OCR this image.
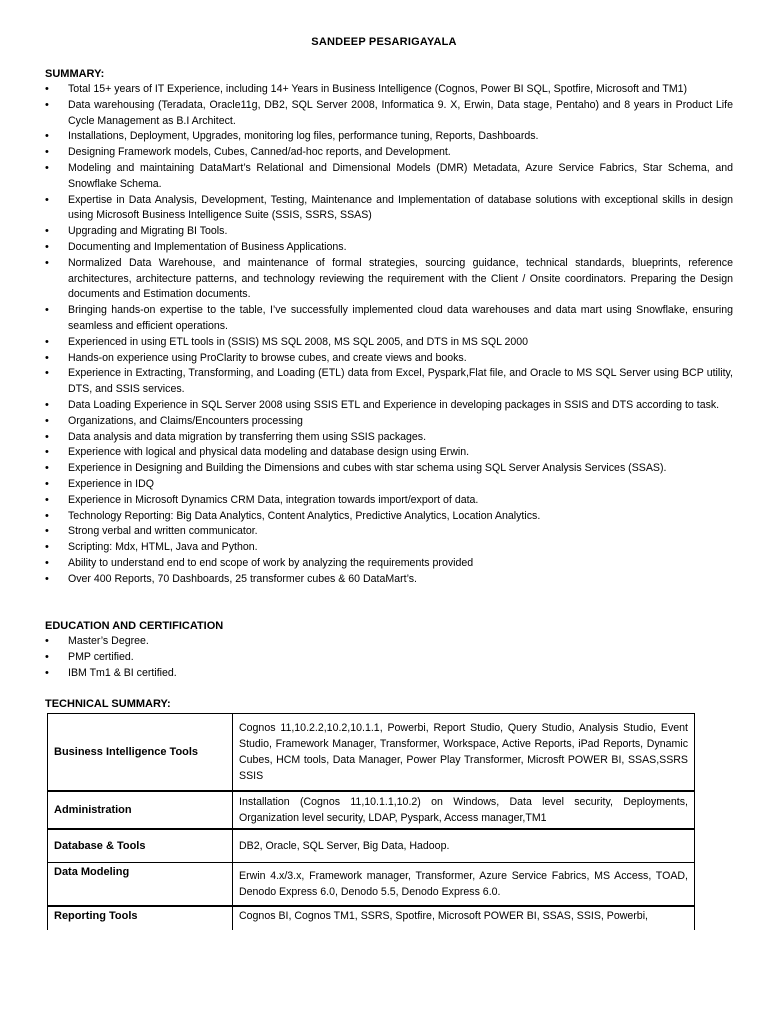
SANDEEP PESARIGAYALA
SUMMARY:
• Total 15+ years of IT Experience, including 14+ Years in Business Intelligence (Cognos, Power BI SQL, Spotfire, Microsoft and TM1)
• Data warehousing (Teradata, Oracle11g, DB2, SQL Server 2008, Informatica 9. X, Erwin, Data stage, Pentaho) and 8 years in Product Life Cycle Management as B.I Architect.
• Installations, Deployment, Upgrades, monitoring log files, performance tuning, Reports, Dashboards.
• Designing Framework models, Cubes, Canned/ad-hoc reports, and Development.
• Modeling and maintaining DataMart’s Relational and Dimensional Models (DMR) Metadata, Azure Service Fabrics, Star Schema, and Snowflake Schema.
• Expertise in Data Analysis, Development, Testing, Maintenance and Implementation of database solutions with exceptional skills in design using Microsoft Business Intelligence Suite (SSIS, SSRS, SSAS)
• Upgrading and Migrating BI Tools.
• Documenting and Implementation of Business Applications.
• Normalized Data Warehouse, and maintenance of formal strategies, sourcing guidance, technical standards, blueprints, reference architectures, architecture patterns, and technology reviewing the requirement with the Client / Onsite coordinators. Preparing the Design documents and Estimation documents.
• Bringing hands-on expertise to the table, I’ve successfully implemented cloud data warehouses and data mart using Snowflake, ensuring seamless and efficient operations.
• Experienced in using ETL tools in (SSIS) MS SQL 2008, MS SQL 2005, and DTS in MS SQL 2000
• Hands-on experience using ProClarity to browse cubes, and create views and books.
• Experience in Extracting, Transforming, and Loading (ETL) data from Excel, Pyspark,Flat file, and Oracle to MS SQL Server using BCP utility, DTS, and SSIS services.
• Data Loading Experience in SQL Server 2008 using SSIS ETL and Experience in developing packages in SSIS and DTS according to task.
• Organizations, and Claims/Encounters processing
• Data analysis and data migration by transferring them using SSIS packages.
• Experience with logical and physical data modeling and database design using Erwin.
• Experience in Designing and Building the Dimensions and cubes with star schema using SQL Server Analysis Services (SSAS).
• Experience in IDQ
• Experience in Microsoft Dynamics CRM Data, integration towards import/export of data.
• Technology Reporting: Big Data Analytics, Content Analytics, Predictive Analytics, Location Analytics.
• Strong verbal and written communicator.
• Scripting: Mdx, HTML, Java and Python.
• Ability to understand end to end scope of work by analyzing the requirements provided
• Over 400 Reports, 70 Dashboards, 25 transformer cubes & 60 DataMart’s.
EDUCATION AND CERTIFICATION
• Master’s Degree.
• PMP certified.
• IBM Tm1 & BI certified.
TECHNICAL SUMMARY:
Business Intelligence Tools	Cognos 11,10.2.2,10.2,10.1.1, Powerbi, Report Studio, Query Studio, Analysis Studio, Event Studio, Framework Manager, Transformer, Workspace, Active Reports, iPad Reports, Dynamic Cubes, HCM tools, Data Manager, Power Play Transformer, Microsft POWER BI, SSAS,SSRS SSIS
Administration	Installation (Cognos 11,10.1.1,10.2) on Windows, Data level security, Deployments, Organization level security, LDAP, Pyspark, Access manager,TM1
Database & Tools	DB2, Oracle, SQL Server, Big Data, Hadoop.
Data Modeling	Erwin 4.x/3.x, Framework manager, Transformer, Azure Service Fabrics, MS Access, TOAD, Denodo Express 6.0, Denodo 5.5, Denodo Express 6.0.
Reporting Tools	Cognos BI, Cognos TM1, SSRS, Spotfire, Microsoft POWER BI, SSAS, SSIS, Powerbi,
